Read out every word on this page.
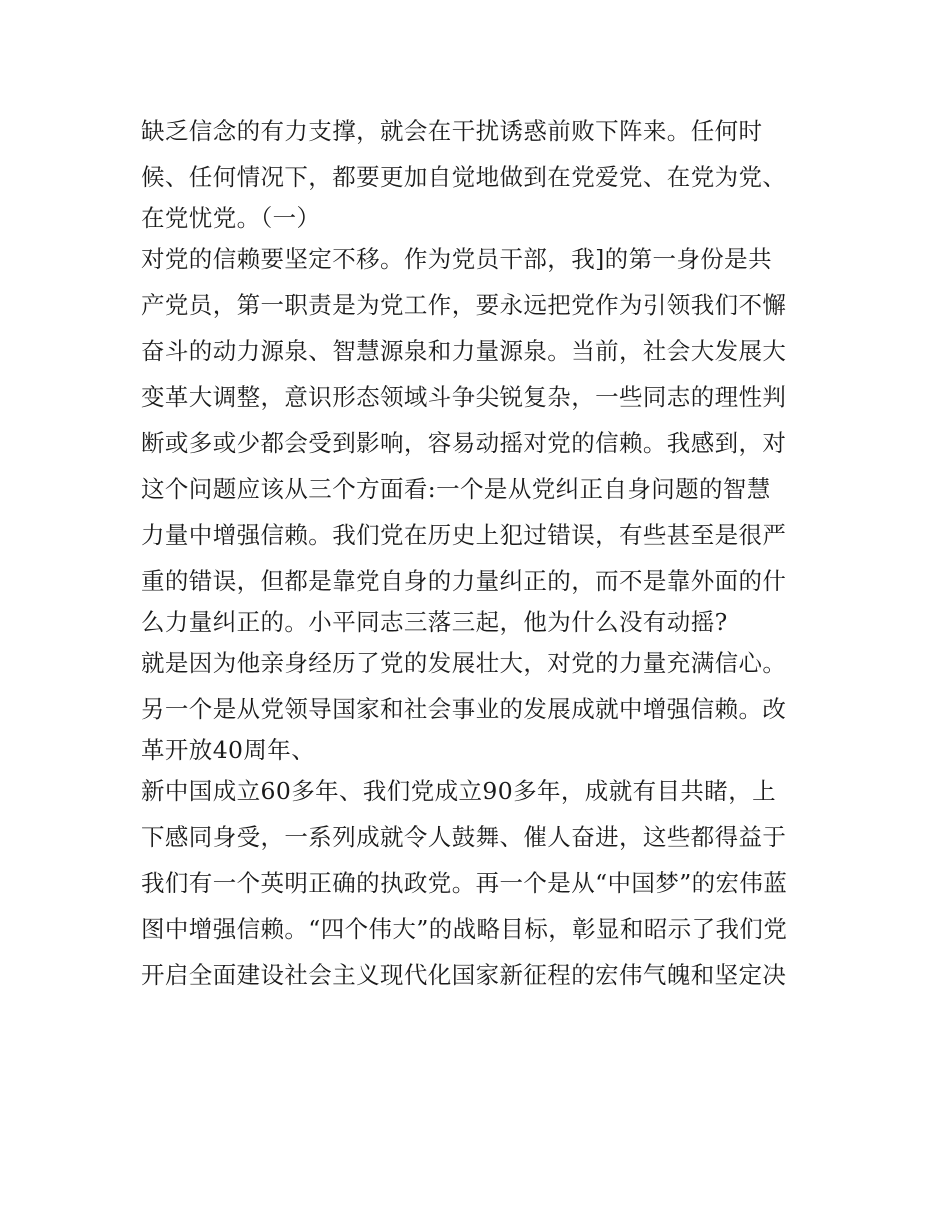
缺乏信念的有力支撑，就会在干扰诱惑前败下阵来。任何时
候、任何情况下，都要更加自觉地做到在党爱党、在党为党、
在党忧党。（一）
对党的信赖要坚定不移。作为党员干部，我]的第一身份是共
产党员，第一职责是为党工作，要永远把党作为引领我们不懈
奋斗的动力源泉、智慧源泉和力量源泉。当前，社会大发展大
变革大调整，意识形态领域斗争尖锐复杂，一些同志的理性判
断或多或少都会受到影响，容易动摇对党的信赖。我感到，对
这个问题应该从三个方面看:一个是从党纠正自身问题的智慧
力量中增强信赖。我们党在历史上犯过错误，有些甚至是很严
重的错误，但都是靠党自身的力量纠正的，而不是靠外面的什
么力量纠正的。小平同志三落三起，他为什么没有动摇?
就是因为他亲身经历了党的发展壮大，对党的力量充满信心。
另一个是从党领导国家和社会事业的发展成就中增强信赖。改
革开放40周年、
新中国成立60多年、我们党成立90多年，成就有目共睹，上
下感同身受，一系列成就令人鼓舞、催人奋进，这些都得益于
我们有一个英明正确的执政党。再一个是从“中国梦”的宏伟蓝
图中增强信赖。“四个伟大”的战略目标，彰显和昭示了我们党
开启全面建设社会主义现代化国家新征程的宏伟气魄和坚定决
